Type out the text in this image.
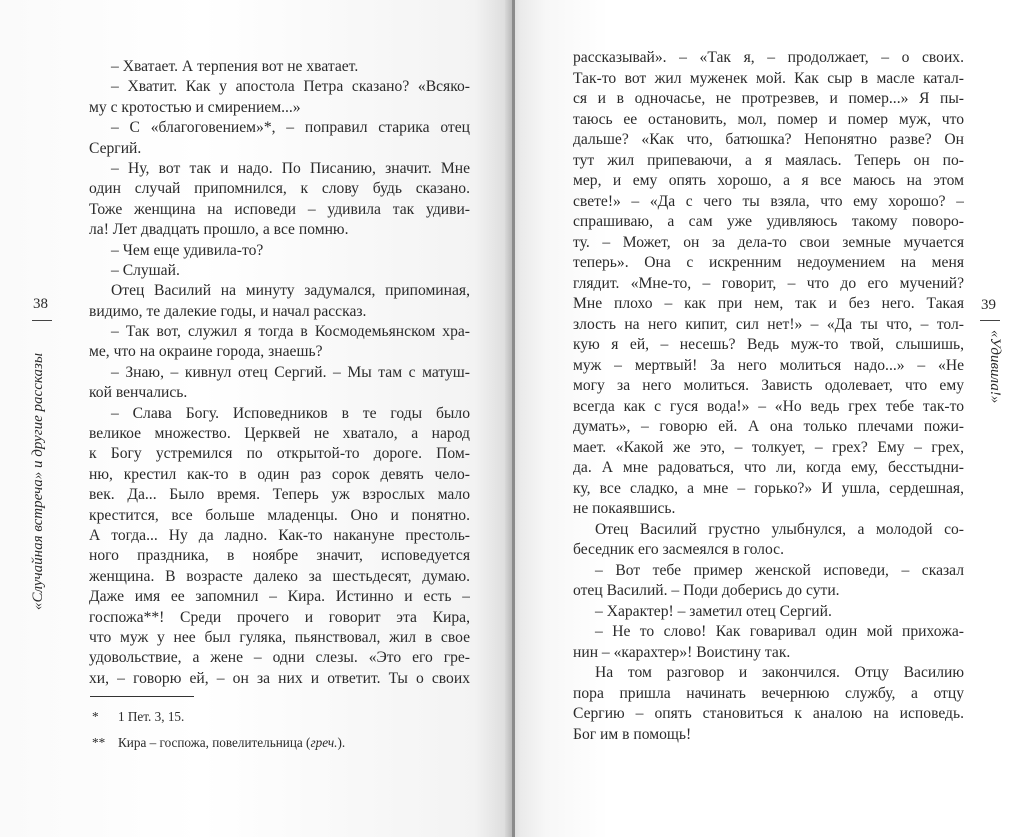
38
«Случайная встреча» и другие рассказы
39
«Удивила!»
– Хватает. А терпения вот не хватает.
– Хватит. Как у апостола Петра сказано? «Всяко-
му с кротостью и смирением...»
– С «благоговением»*, – поправил старика отец
Сергий.
– Ну, вот так и надо. По Писанию, значит. Мне
один случай припомнился, к слову будь сказано.
Тоже женщина на исповеди – удивила так удиви-
ла! Лет двадцать прошло, а все помню.
– Чем еще удивила-то?
– Слушай.
Отец Василий на минуту задумался, припоминая,
видимо, те далекие годы, и начал рассказ.
– Так вот, служил я тогда в Космодемьянском хра-
ме, что на окраине города, знаешь?
– Знаю, – кивнул отец Сергий. – Мы там с матуш-
кой венчались.
– Слава Богу. Исповедников в те годы было
великое множество. Церквей не хватало, а народ
к Богу устремился по открытой-то дороге. Пом-
ню, крестил как-то в один раз сорок девять чело-
век. Да... Было время. Теперь уж взрослых мало
крестится, все больше младенцы. Оно и понятно.
А тогда... Ну да ладно. Как-то накануне престоль-
ного праздника, в ноябре значит, исповедуется
женщина. В возрасте далеко за шестьдесят, думаю.
Даже имя ее запомнил – Кира. Истинно и есть –
госпожа**! Среди прочего и говорит эта Кира,
что муж у нее был гуляка, пьянствовал, жил в свое
удовольствие, а жене – одни слезы. «Это его гре-
хи, – говорю ей, – он за них и ответит. Ты о своих
* 1 Пет. 3, 15.
** Кира – госпожа, повелительница (греч.).
рассказывай». – «Так я, – продолжает, – о своих.
Так-то вот жил муженек мой. Как сыр в масле катал-
ся и в одночасье, не протрезвев, и помер...» Я пы-
таюсь ее остановить, мол, помер и помер муж, что
дальше? «Как что, батюшка? Непонятно разве? Он
тут жил припеваючи, а я маялась. Теперь он по-
мер, и ему опять хорошо, а я все маюсь на этом
свете!» – «Да с чего ты взяла, что ему хорошо? –
спрашиваю, а сам уже удивляюсь такому поворо-
ту. – Может, он за дела-то свои земные мучается
теперь». Она с искренним недоумением на меня
глядит. «Мне-то, – говорит, – что до его мучений?
Мне плохо – как при нем, так и без него. Такая
злость на него кипит, сил нет!» – «Да ты что, – тол-
кую я ей, – несешь? Ведь муж-то твой, слышишь,
муж – мертвый! За него молиться надо...» – «Не
могу за него молиться. Зависть одолевает, что ему
всегда как с гуся вода!» – «Но ведь грех тебе так-то
думать», – говорю ей. А она только плечами пожи-
мает. «Какой же это, – толкует, – грех? Ему – грех,
да. А мне радоваться, что ли, когда ему, бесстыдни-
ку, все сладко, а мне – горько?» И ушла, сердешная,
не покаявшись.
Отец Василий грустно улыбнулся, а молодой со-
беседник его засмеялся в голос.
– Вот тебе пример женской исповеди, – сказал
отец Василий. – Поди доберись до сути.
– Характер! – заметил отец Сергий.
– Не то слово! Как говаривал один мой прихожа-
нин – «карахтер»! Воистину так.
На том разговор и закончился. Отцу Василию
пора пришла начинать вечернюю службу, а отцу
Сергию – опять становиться к аналою на исповедь.
Бог им в помощь!
